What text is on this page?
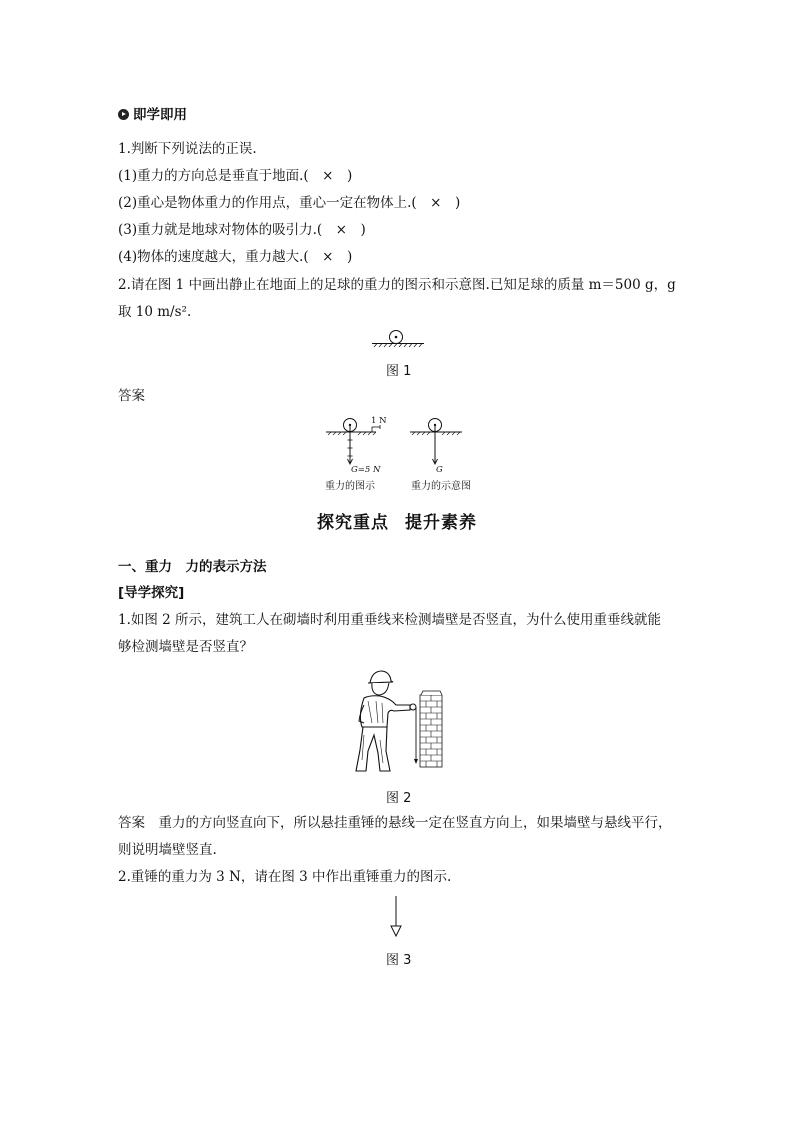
即学即用
1.判断下列说法的正误.
(1)重力的方向总是垂直于地面.(　×　)
(2)重心是物体重力的作用点，重心一定在物体上.(　×　)
(3)重力就是地球对物体的吸引力.(　×　)
(4)物体的速度越大，重力越大.(　×　)
2.请在图 1 中画出静止在地面上的足球的重力的图示和示意图.已知足球的质量 m＝500 g，g
取 10 m/s².
图 1
答案
1 N
G=5 N	G
重力的图示	重力的示意图
探究重点 提升素养
一、重力　力的表示方法
[导学探究]
1.如图 2 所示，建筑工人在砌墙时利用重垂线来检测墙壁是否竖直，为什么使用重垂线就能
够检测墙壁是否竖直？
图 2
答案　重力的方向竖直向下，所以悬挂重锤的悬线一定在竖直方向上，如果墙壁与悬线平行，
则说明墙壁竖直.
2.重锤的重力为 3 N，请在图 3 中作出重锤重力的图示.
图 3
